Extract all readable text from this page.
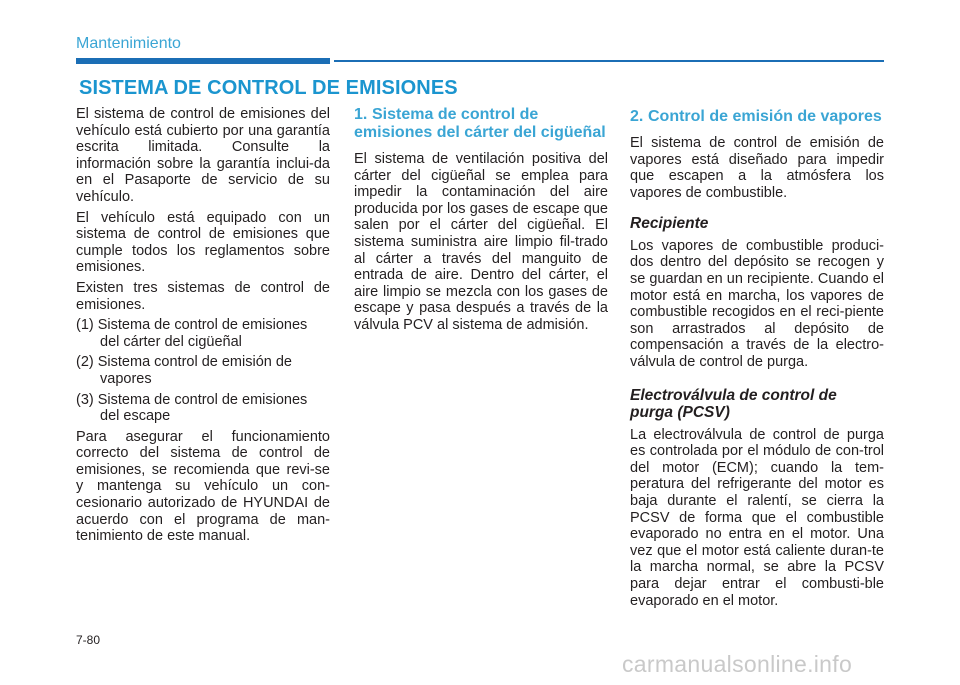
Mantenimiento
SISTEMA DE CONTROL DE EMISIONES

El sistema de control de emisiones del vehículo está cubierto por una garantía escrita limitada. Consulte la información sobre la garantía inclui-da en el Pasaporte de servicio de su vehículo.

El vehículo está equipado con un sistema de control de emisiones que cumple todos los reglamentos sobre emisiones.

Existen tres sistemas de control de emisiones.

(1) Sistema de control de emisiones del cárter del cigüeñal
(2) Sistema control de emisión de vapores
(3) Sistema de control de emisiones del escape

Para asegurar el funcionamiento correcto del sistema de control de emisiones, se recomienda que revi-se y mantenga su vehículo un con-cesionario autorizado de HYUNDAI de acuerdo con el programa de man-tenimiento de este manual.

1. Sistema de control de emisiones del cárter del cigüeñal

El sistema de ventilación positiva del cárter del cigüeñal se emplea para impedir la contaminación del aire producida por los gases de escape que salen por el cárter del cigüeñal. El sistema suministra aire limpio fil-trado al cárter a través del manguito de entrada de aire. Dentro del cárter, el aire limpio se mezcla con los gases de escape y pasa después a través de la válvula PCV al sistema de admisión.

2. Control de emisión de vapores

El sistema de control de emisión de vapores está diseñado para impedir que escapen a la atmósfera los vapores de combustible.

Recipiente

Los vapores de combustible produci-dos dentro del depósito se recogen y se guardan en un recipiente. Cuando el motor está en marcha, los vapores de combustible recogidos en el reci-piente son arrastrados al depósito de compensación a través de la electro-válvula de control de purga.

Electroválvula de control de purga (PCSV)

La electroválvula de control de purga es controlada por el módulo de con-trol del motor (ECM); cuando la tem-peratura del refrigerante del motor es baja durante el ralentí, se cierra la PCSV de forma que el combustible evaporado no entra en el motor. Una vez que el motor está caliente duran-te la marcha normal, se abre la PCSV para dejar entrar el combusti-ble evaporado en el motor.

7-80
carmanualsonline.info
